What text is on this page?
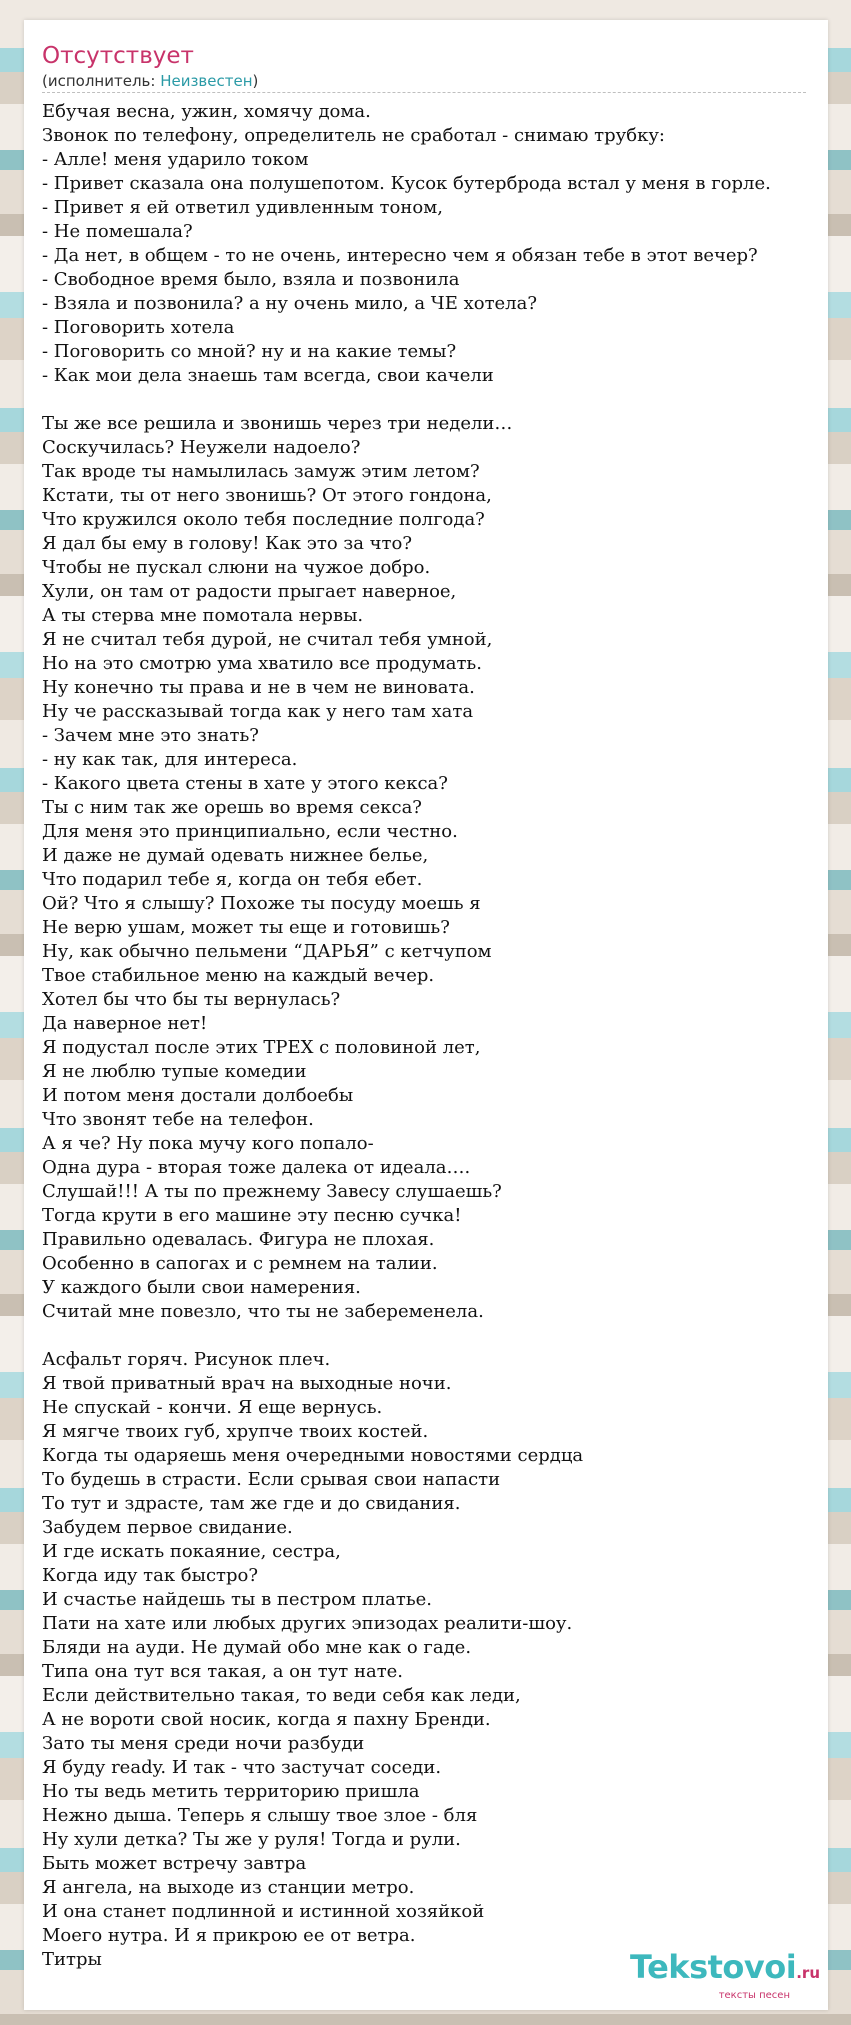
Отсутствует
(исполнитель: Неизвестен)
Ебучая весна, ужин, хомячу дома.
Звонок по телефону, определитель не сработал - снимаю трубку:
- Алле! меня ударило током
- Привет сказала она полушепотом. Кусок бутерброда встал у меня в горле.
- Привет я ей ответил удивленным тоном,
- Не помешала?
- Да нет, в общем - то не очень, интересно чем я обязан тебе в этот вечер?
- Свободное время было, взяла и позвонила
- Взяла и позвонила? а ну очень мило, а ЧЕ хотела?
- Поговорить хотела
- Поговорить со мной? ну и на какие темы?
- Как мои дела знаешь там всегда, свои качели

Ты же все решила и звонишь через три недели…
Соскучилась? Неужели надоело?
Так вроде ты намылилась замуж этим летом?
Кстати, ты от него звонишь? От этого гондона,
Что кружился около тебя последние полгода?
Я дал бы ему в голову! Как это за что?
Чтобы не пускал слюни на чужое добро.
Хули, он там от радости прыгает наверное,
А ты стерва мне помотала нервы.
Я не считал тебя дурой, не считал тебя умной,
Но на это смотрю ума хватило все продумать.
Ну конечно ты права и не в чем не виновата.
Ну че рассказывай тогда как у него там хата
- Зачем мне это знать?
- ну как так, для интереса.
- Какого цвета стены в хате у этого кекса?
Ты с ним так же орешь во время секса?
Для меня это принципиально, если честно.
И даже не думай одевать нижнее белье,
Что подарил тебе я, когда он тебя ебет.
Ой? Что я слышу? Похоже ты посуду моешь я
Не верю ушам, может ты еще и готовишь?
Ну, как обычно пельмени “ДАРЬЯ” с кетчупом
Твое стабильное меню на каждый вечер.
Хотел бы что бы ты вернулась?
Да наверное нет!
Я подустал после этих ТРЕХ с половиной лет,
Я не люблю тупые комедии
И потом меня достали долбоебы
Что звонят тебе на телефон.
А я че? Ну пока мучу кого попало-
Одна дура - вторая тоже далека от идеала….
Слушай!!! А ты по прежнему Завесу слушаешь?
Тогда крути в его машине эту песню сучка!
Правильно одевалась. Фигура не плохая.
Особенно в сапогах и с ремнем на талии.
У каждого были свои намерения.
Считай мне повезло, что ты не забеременела.

Асфальт горяч. Рисунок плеч.
Я твой приватный врач на выходные ночи.
Не спускай - кончи. Я еще вернусь.
Я мягче твоих губ, хрупче твоих костей.
Когда ты одаряешь меня очередными новостями сердца
То будешь в страсти. Если срывая свои напасти
То тут и здрасте, там же где и до свидания.
Забудем первое свидание.
И где искать покаяние, сестра,
Когда иду так быстро?
И счастье найдешь ты в пестром платье.
Пати на хате или любых других эпизодах реалити-шоу.
Бляди на ауди. Не думай обо мне как о гаде.
Типа она тут вся такая, а он тут нате.
Если действительно такая, то веди себя как леди,
А не вороти свой носик, когда я пахну Бренди.
Зато ты меня среди ночи разбуди
Я буду ready. И так - что застучат соседи.
Но ты ведь метить территорию пришла
Нежно дыша. Теперь я слышу твое злое - бля
Ну хули детка? Ты же у руля! Тогда и рули.
Быть может встречу завтра
Я ангела, на выходе из станции метро.
И она станет подлинной и истинной хозяйкой
Моего нутра. И я прикрою ее от ветра.
Титры	Tekstovoi.ru
тексты песен
